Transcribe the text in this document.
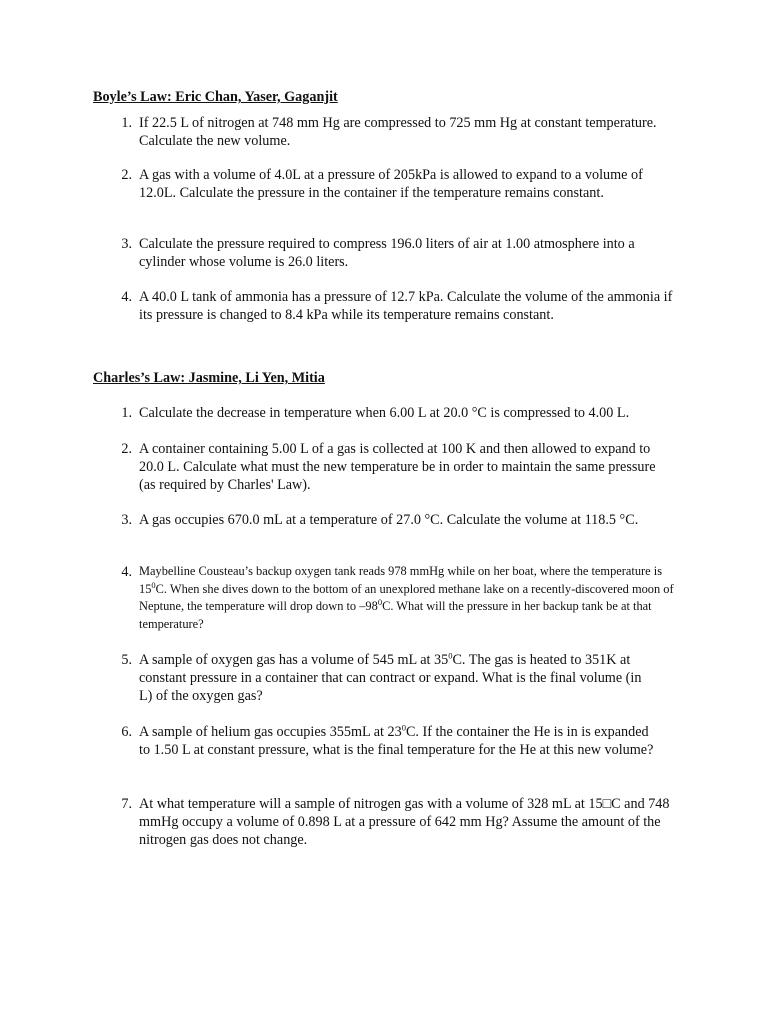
Boyle’s Law: Eric Chan, Yaser, Gaganjit
1. If 22.5 L of nitrogen at 748 mm Hg are compressed to 725 mm Hg at constant temperature. Calculate the new volume.
2. A gas with a volume of 4.0L at a pressure of 205kPa is allowed to expand to a volume of 12.0L. Calculate the pressure in the container if the temperature remains constant.
3. Calculate the pressure required to compress 196.0 liters of air at 1.00 atmosphere into a cylinder whose volume is 26.0 liters.
4. A 40.0 L tank of ammonia has a pressure of 12.7 kPa. Calculate the volume of the ammonia if its pressure is changed to 8.4 kPa while its temperature remains constant.
Charles’s Law: Jasmine, Li Yen, Mitia
1. Calculate the decrease in temperature when 6.00 L at 20.0 °C is compressed to 4.00 L.
2. A container containing 5.00 L of a gas is collected at 100 K and then allowed to expand to 20.0 L. Calculate what must the new temperature be in order to maintain the same pressure (as required by Charles' Law).
3. A gas occupies 670.0 mL at a temperature of 27.0 °C. Calculate the volume at 118.5 °C.
4. Maybelline Cousteau’s backup oxygen tank reads 978 mmHg while on her boat, where the temperature is $15^0C$. When she dives down to the bottom of an unexplored methane lake on a recently-discovered moon of Neptune, the temperature will drop down to $-98^0C$. What will the pressure in her backup tank be at that temperature?
5. A sample of oxygen gas has a volume of 545 mL at $35^0C$. The gas is heated to 351K at constant pressure in a container that can contract or expand. What is the final volume (in L) of the oxygen gas?
6. A sample of helium gas occupies 355mL at $23^0C$. If the container the He is in is expanded to 1.50 L at constant pressure, what is the final temperature for the He at this new volume?
7. At what temperature will a sample of nitrogen gas with a volume of 328 mL at 15□C and 748 mmHg occupy a volume of 0.898 L at a pressure of 642 mm Hg? Assume the amount of the nitrogen gas does not change.
